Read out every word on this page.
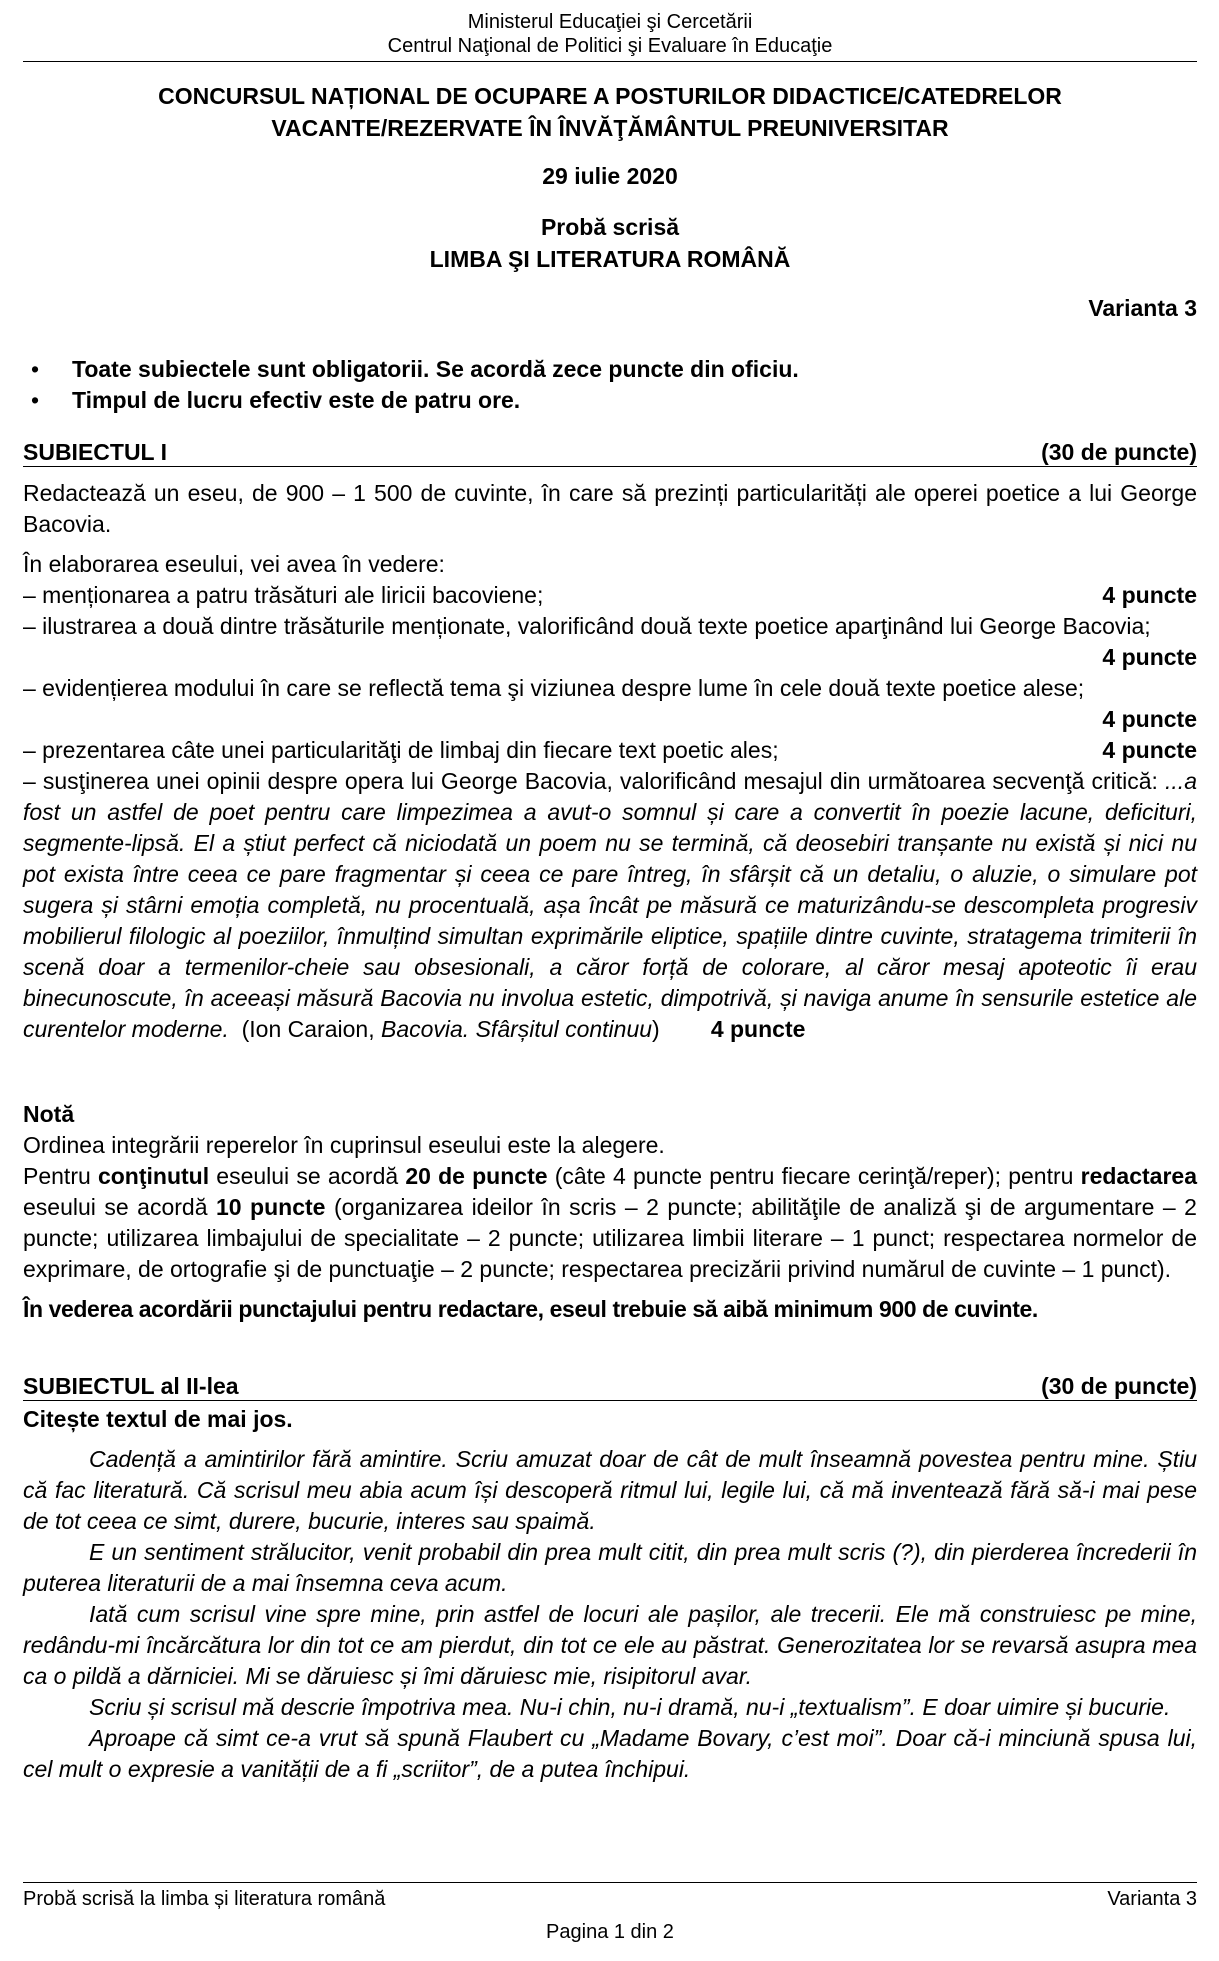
Ministerul Educaţiei şi Cercetării
Centrul Naţional de Politici şi Evaluare în Educaţie
CONCURSUL NAȚIONAL DE OCUPARE A POSTURILOR DIDACTICE/CATEDRELOR
VACANTE/REZERVATE ÎN ÎNVĂŢĂMÂNTUL PREUNIVERSITAR
29 iulie 2020
Probă scrisă
LIMBA ŞI LITERATURA ROMÂNĂ
Varianta 3
• Toate subiectele sunt obligatorii. Se acordă zece puncte din oficiu.
• Timpul de lucru efectiv este de patru ore.
SUBIECTUL I	(30 de puncte)
Redactează un eseu, de 900 – 1 500 de cuvinte, în care să prezinți particularități ale operei poetice a lui George Bacovia.
În elaborarea eseului, vei avea în vedere:
– menționarea a patru trăsături ale liricii bacoviene;	4 puncte
– ilustrarea a două dintre trăsăturile menționate, valorificând două texte poetice aparţinând lui George Bacovia;
4 puncte
– evidențierea modului în care se reflectă tema şi viziunea despre lume în cele două texte poetice alese;
4 puncte
– prezentarea câte unei particularităţi de limbaj din fiecare text poetic ales;	4 puncte
– susţinerea unei opinii despre opera lui George Bacovia, valorificând mesajul din următoarea secvenţă critică: ...a fost un astfel de poet pentru care limpezimea a avut-o somnul și care a convertit în poezie lacune, deficituri, segmente-lipsă. El a știut perfect că niciodată un poem nu se termină, că deosebiri tranșante nu există și nici nu pot exista între ceea ce pare fragmentar și ceea ce pare întreg, în sfârșit că un detaliu, o aluzie, o simulare pot sugera și stârni emoția completă, nu procentuală, așa încât pe măsură ce maturizându-se descompleta progresiv mobilierul filologic al poeziilor, înmulțind simultan exprimările eliptice, spațiile dintre cuvinte, stratagema trimiterii în scenă doar a termenilor-cheie sau obsesionali, a căror forță de colorare, al căror mesaj apoteotic îi erau binecunoscute, în aceeași măsură Bacovia nu involua estetic, dimpotrivă, și naviga anume în sensurile estetice ale curentelor moderne. (Ion Caraion, Bacovia. Sfârșitul continuu) 4 puncte
Notă
Ordinea integrării reperelor în cuprinsul eseului este la alegere.
Pentru conţinutul eseului se acordă 20 de puncte (câte 4 puncte pentru fiecare cerinţă/reper); pentru redactarea eseului se acordă 10 puncte (organizarea ideilor în scris – 2 puncte; abilităţile de analiză şi de argumentare – 2 puncte; utilizarea limbajului de specialitate – 2 puncte; utilizarea limbii literare – 1 punct; respectarea normelor de exprimare, de ortografie şi de punctuaţie – 2 puncte; respectarea precizării privind numărul de cuvinte – 1 punct).
În vederea acordării punctajului pentru redactare, eseul trebuie să aibă minimum 900 de cuvinte.
SUBIECTUL al II-lea	(30 de puncte)
Citește textul de mai jos.
Cadență a amintirilor fără amintire. Scriu amuzat doar de cât de mult înseamnă povestea pentru mine. Știu că fac literatură. Că scrisul meu abia acum își descoperă ritmul lui, legile lui, că mă inventează fără să-i mai pese de tot ceea ce simt, durere, bucurie, interes sau spaimă.
E un sentiment strălucitor, venit probabil din prea mult citit, din prea mult scris (?), din pierderea încrederii în puterea literaturii de a mai însemna ceva acum.
Iată cum scrisul vine spre mine, prin astfel de locuri ale pașilor, ale trecerii. Ele mă construiesc pe mine, redându-mi încărcătura lor din tot ce am pierdut, din tot ce ele au păstrat. Generozitatea lor se revarsă asupra mea ca o pildă a dărniciei. Mi se dăruiesc și îmi dăruiesc mie, risipitorul avar.
Scriu și scrisul mă descrie împotriva mea. Nu-i chin, nu-i dramă, nu-i „textualism”. E doar uimire și bucurie.
Aproape că simt ce-a vrut să spună Flaubert cu „Madame Bovary, c’est moi”. Doar că-i minciună spusa lui, cel mult o expresie a vanității de a fi „scriitor”, de a putea închipui.
Probă scrisă la limba și literatura română	Varianta 3
Pagina 1 din 2
